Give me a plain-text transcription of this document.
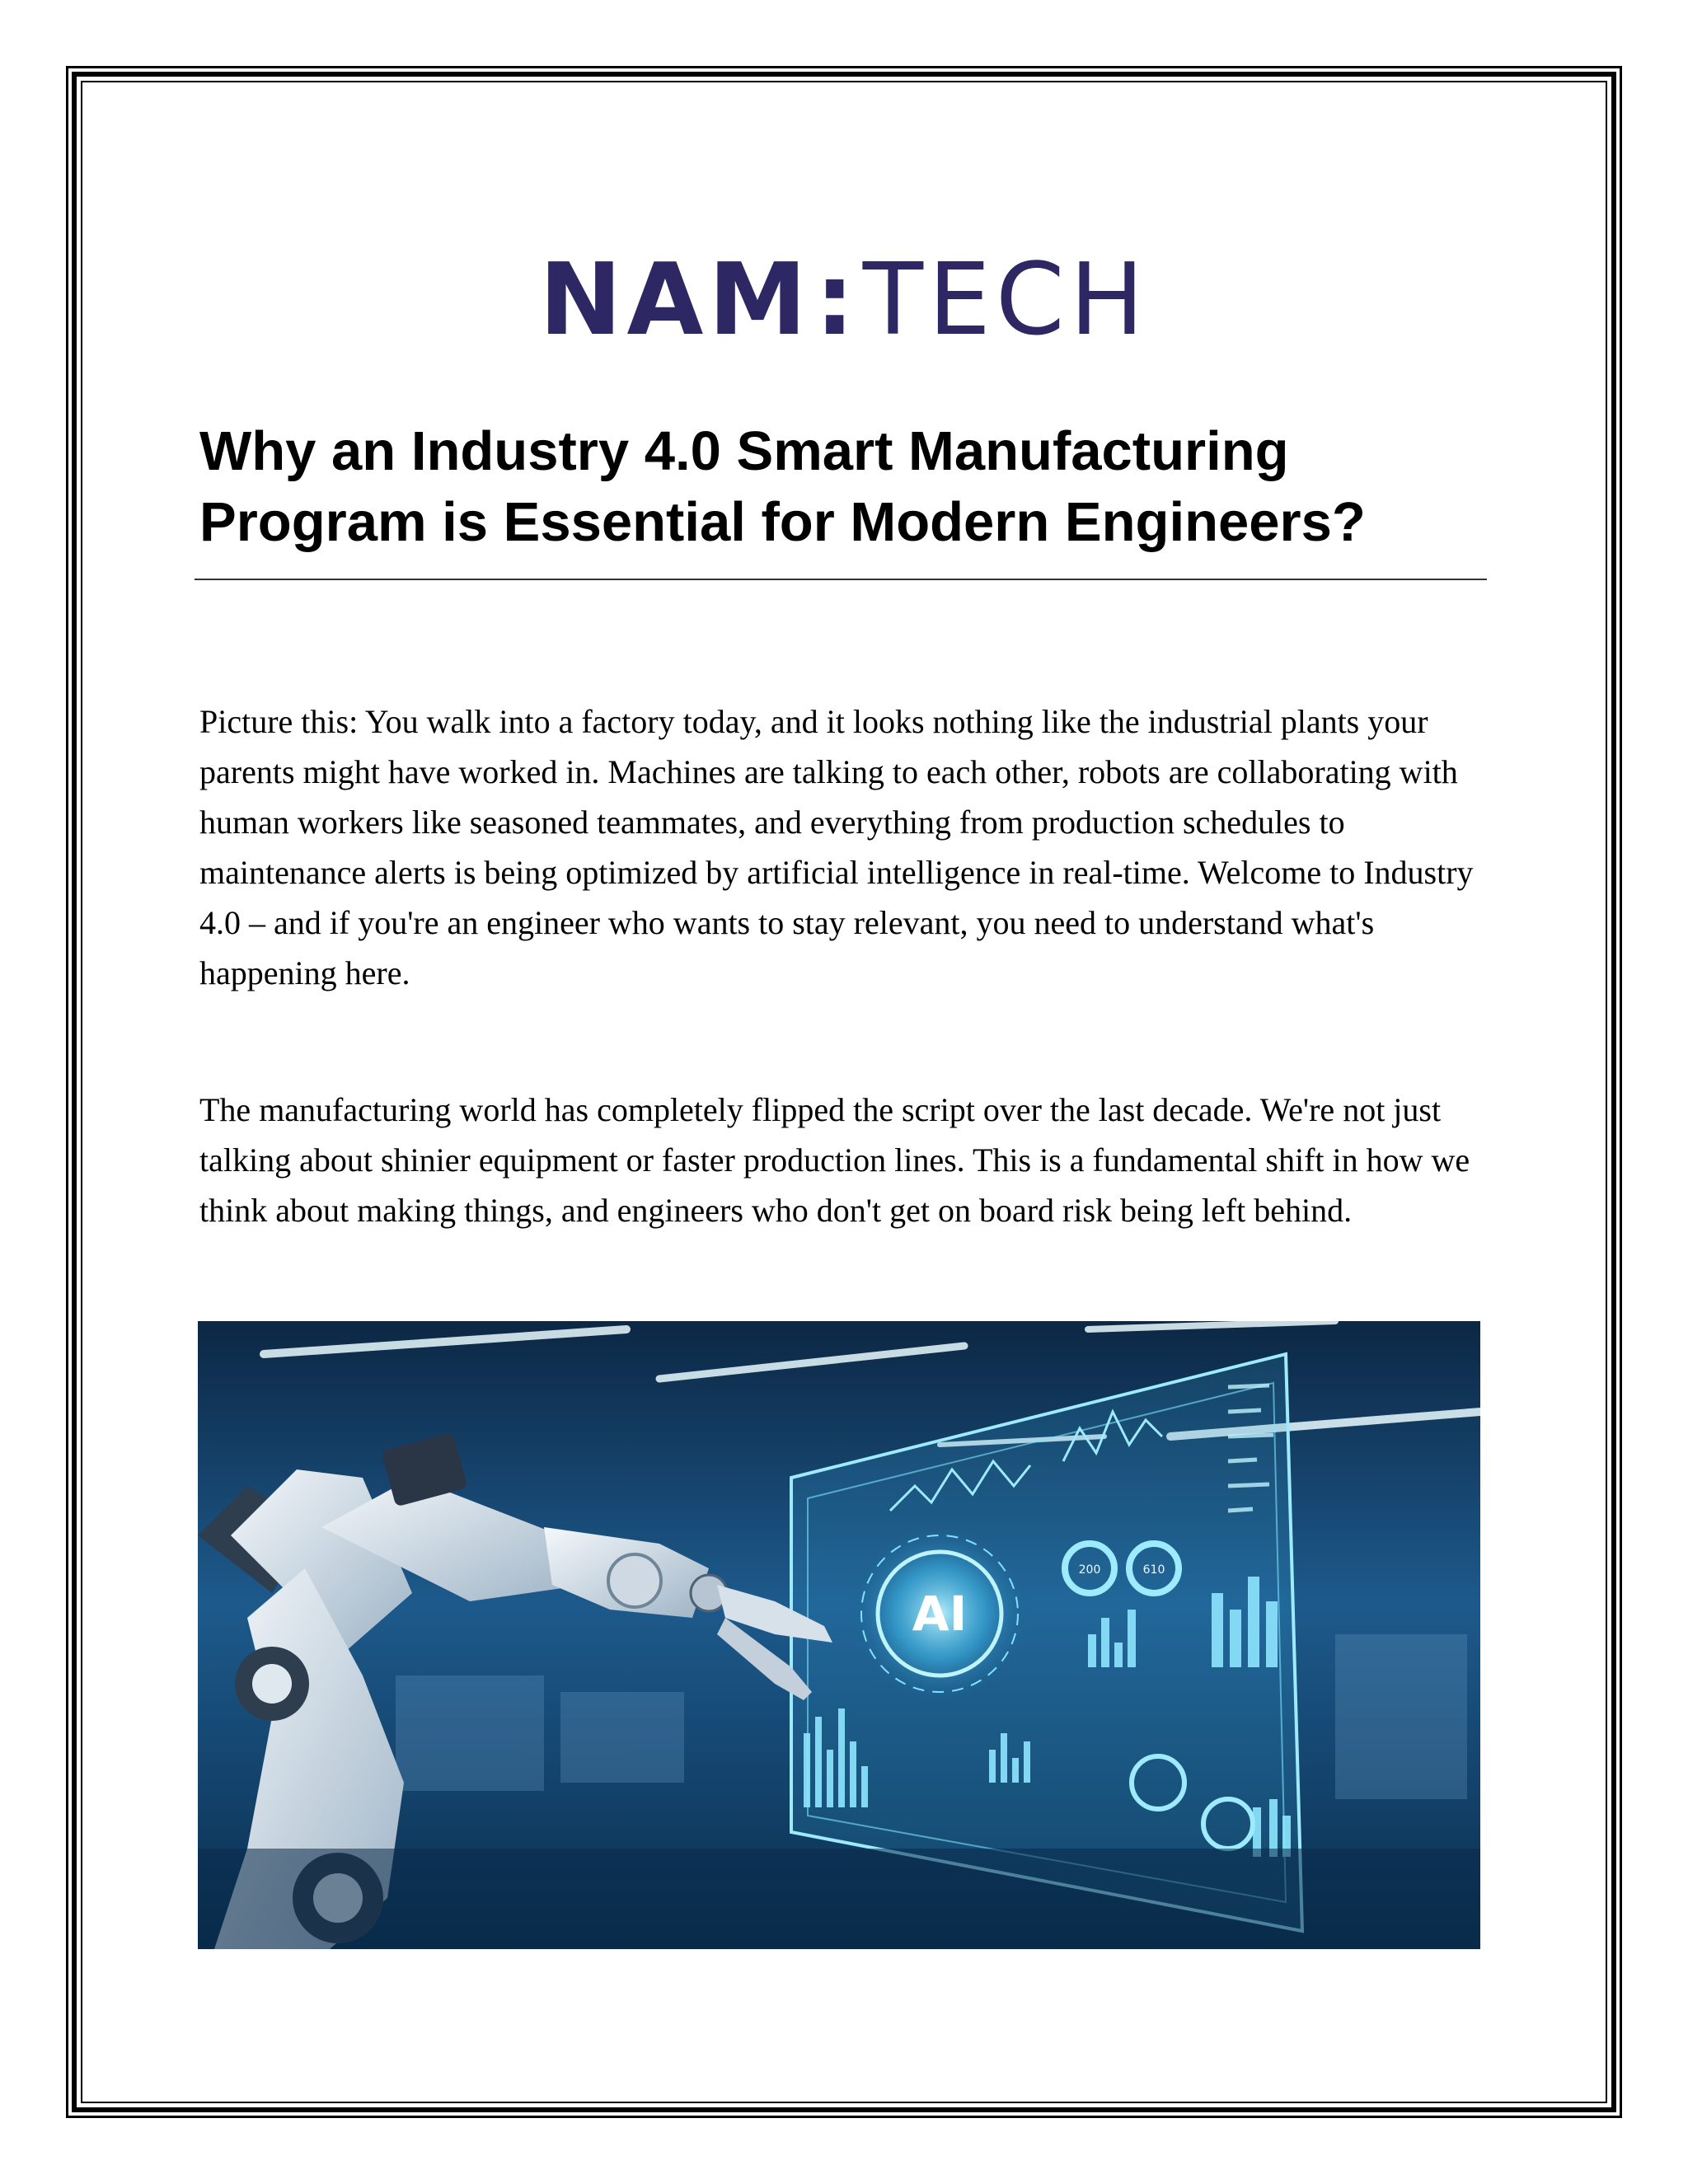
NAM : TECH
Why an Industry 4.0 Smart Manufacturing
Program is Essential for Modern Engineers?

Picture this: You walk into a factory today, and it looks nothing like the industrial plants your parents might have worked in. Machines are talking to each other, robots are collaborating with human workers like seasoned teammates, and everything from production schedules to maintenance alerts is being optimized by artificial intelligence in real-time. Welcome to Industry 4.0 – and if you're an engineer who wants to stay relevant, you need to understand what's happening here.

The manufacturing world has completely flipped the script over the last decade. We're not just talking about shinier equipment or faster production lines. This is a fundamental shift in how we think about making things, and engineers who don't get on board risk being left behind.

200	610
AI
